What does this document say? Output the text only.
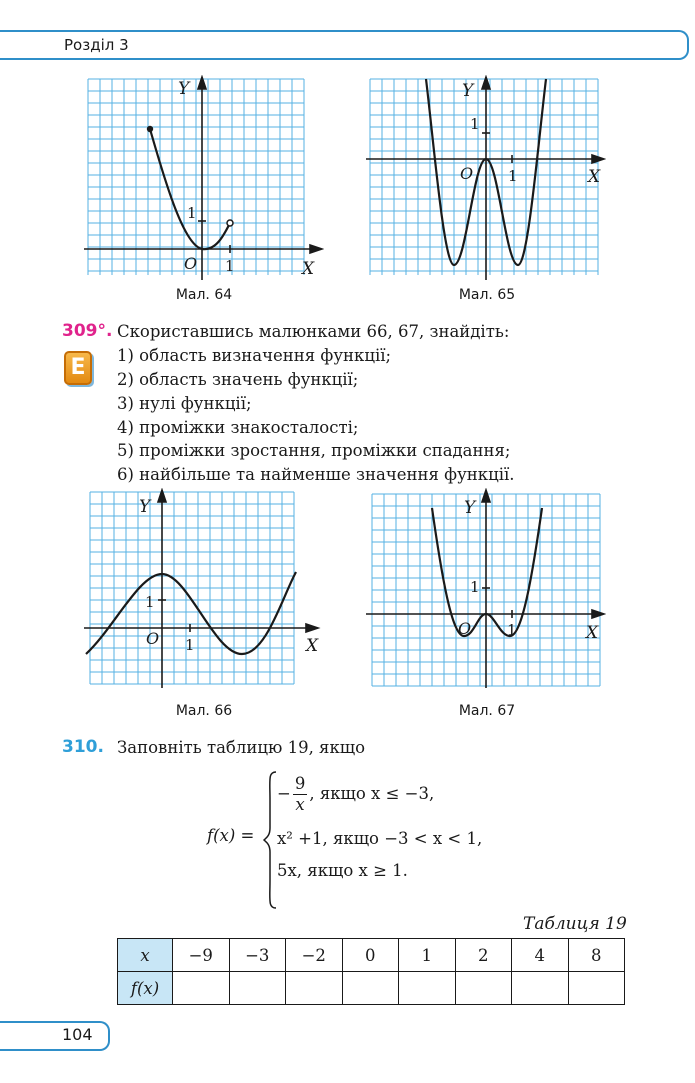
Розділ 3
Y
X
O 1
1
Мал. 64
Y
X
O 1
1
Мал. 65
309°. Скориставшись малюнками 66, 67, знайдіть:
E 1) область визначення функції;
2) область значень функції;
3) нулі функції;
4) проміжки знакосталості;
5) проміжки зростання, проміжки спадання;
6) найбільше та найменше значення функції.
Y
X
O 1
1
Мал. 66
Y
X
O 1
1
Мал. 67
310. Заповніть таблицю 19, якщо
f(x) =
− $\frac{9}{x}$ , якщо x ≤ −3,
x² +1, якщо −3 < x < 1,
5x, якщо x ≥ 1.
Таблиця 19
x	−9	−3	−2	0	1	2	4	8
f(x)								
104
